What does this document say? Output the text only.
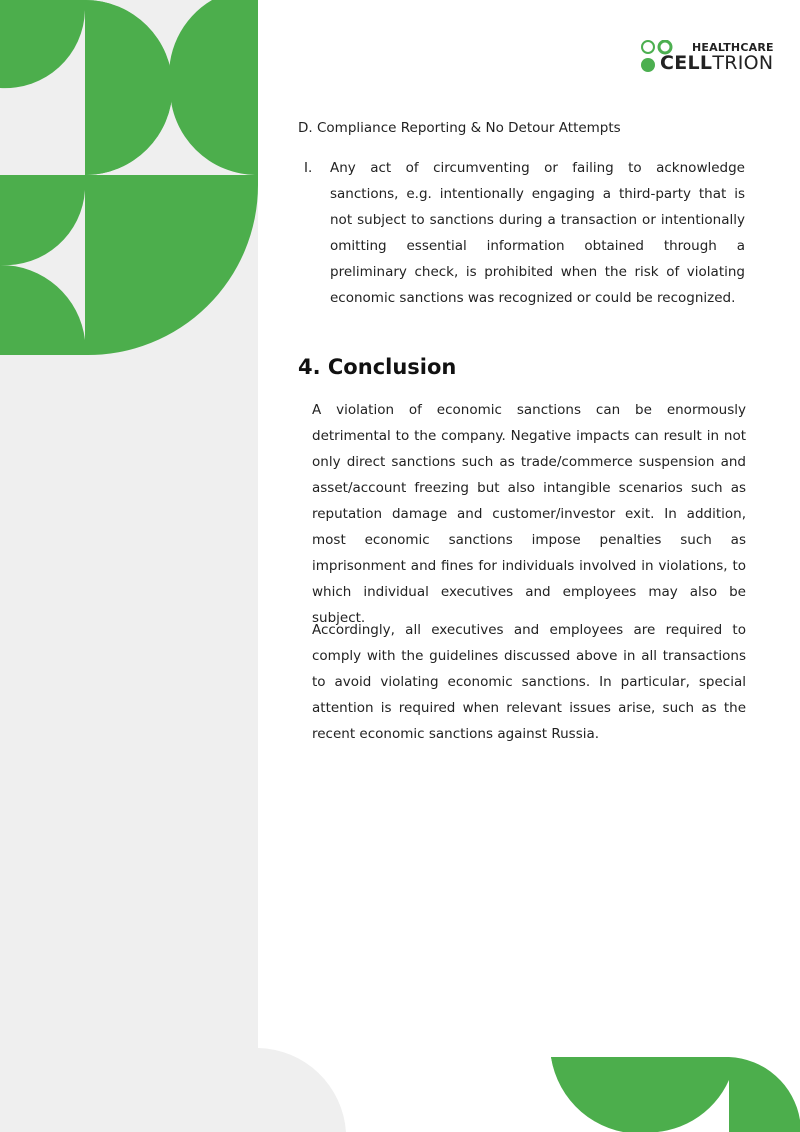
HEALTHCARE
CELLTRION
D. Compliance Reporting & No Detour Attempts
I. Any act of circumventing or failing to acknowledge sanctions, e.g. intentionally engaging a third-party that is not subject to sanctions during a transaction or intentionally omitting essential information obtained through a preliminary check, is prohibited when the risk of violating economic sanctions was recognized or could be recognized.

4. Conclusion

A violation of economic sanctions can be enormously detrimental to the company. Negative impacts can result in not only direct sanctions such as trade/commerce suspension and asset/account freezing but also intangible scenarios such as reputation damage and customer/investor exit. In addition, most economic sanctions impose penalties such as imprisonment and fines for individuals involved in violations, to which individual executives and employees may also be subject.

Accordingly, all executives and employees are required to comply with the guidelines discussed above in all transactions to avoid violating economic sanctions. In particular, special attention is required when relevant issues arise, such as the recent economic sanctions against Russia.
